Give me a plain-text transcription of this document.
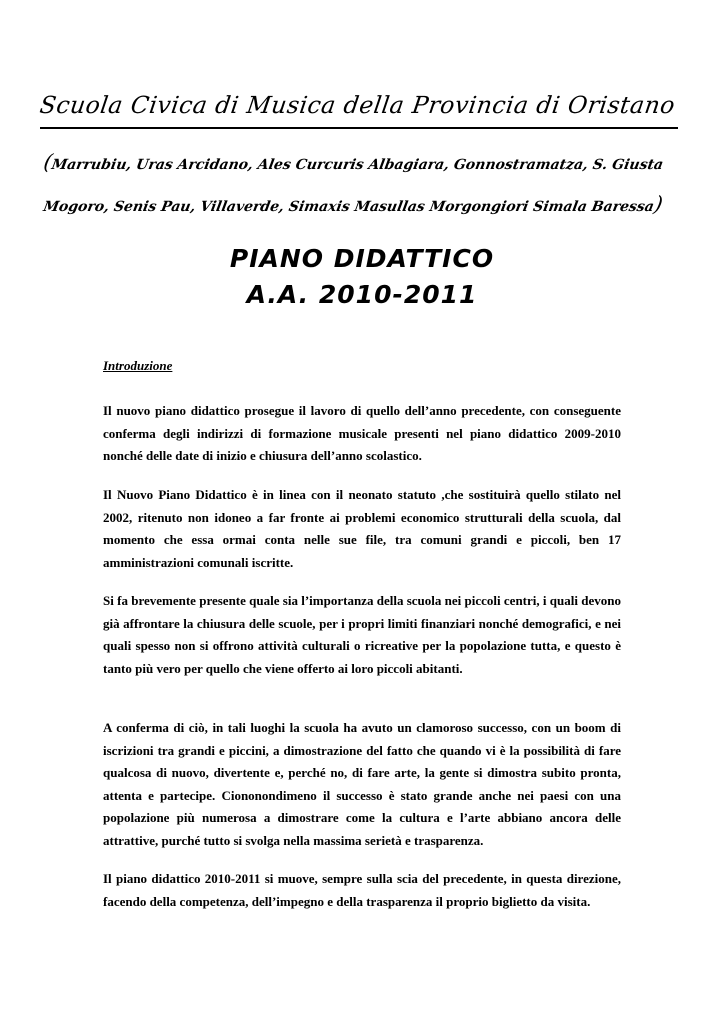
Scuola Civica di Musica della Provincia di Oristano
(Marrubiu, Uras Arcidano, Ales Curcuris Albagiara, Gonnostramatza, S. Giusta
Mogoro, Senis Pau, Villaverde, Simaxis Masullas Morgongiori Simala Baressa)
PIANO DIDATTICO
A.A. 2010-2011
Introduzione

Il nuovo piano didattico prosegue il lavoro di quello dell’anno precedente, con conseguente conferma degli indirizzi di formazione musicale presenti nel piano didattico 2009-2010 nonché delle date di inizio e chiusura dell’anno scolastico.

Il Nuovo Piano Didattico è in linea con il neonato statuto ,che sostituirà quello stilato nel 2002, ritenuto non idoneo a far fronte ai problemi economico strutturali della scuola, dal momento che essa ormai conta nelle sue file, tra comuni grandi e piccoli, ben 17 amministrazioni comunali iscritte.

Si fa brevemente presente quale sia l’importanza della scuola nei piccoli centri, i quali devono già affrontare la chiusura delle scuole, per i propri limiti finanziari nonché demografici, e nei quali spesso non si offrono attività culturali o ricreative per la popolazione tutta, e questo è tanto più vero per quello che viene offerto ai loro piccoli abitanti.

A conferma di ciò, in tali luoghi la scuola ha avuto un clamoroso successo, con un boom di iscrizioni tra grandi e piccini, a dimostrazione del fatto che quando vi è la possibilità di fare qualcosa di nuovo, divertente e, perché no, di fare arte, la gente si dimostra subito pronta, attenta e partecipe. Ciononondimeno il successo è stato grande anche nei paesi con una popolazione più numerosa a dimostrare come la cultura e l’arte abbiano ancora delle attrattive, purché tutto si svolga nella massima serietà e trasparenza.

Il piano didattico 2010-2011 si muove, sempre sulla scia del precedente, in questa direzione, facendo della competenza, dell’impegno e della trasparenza il proprio biglietto da visita.
